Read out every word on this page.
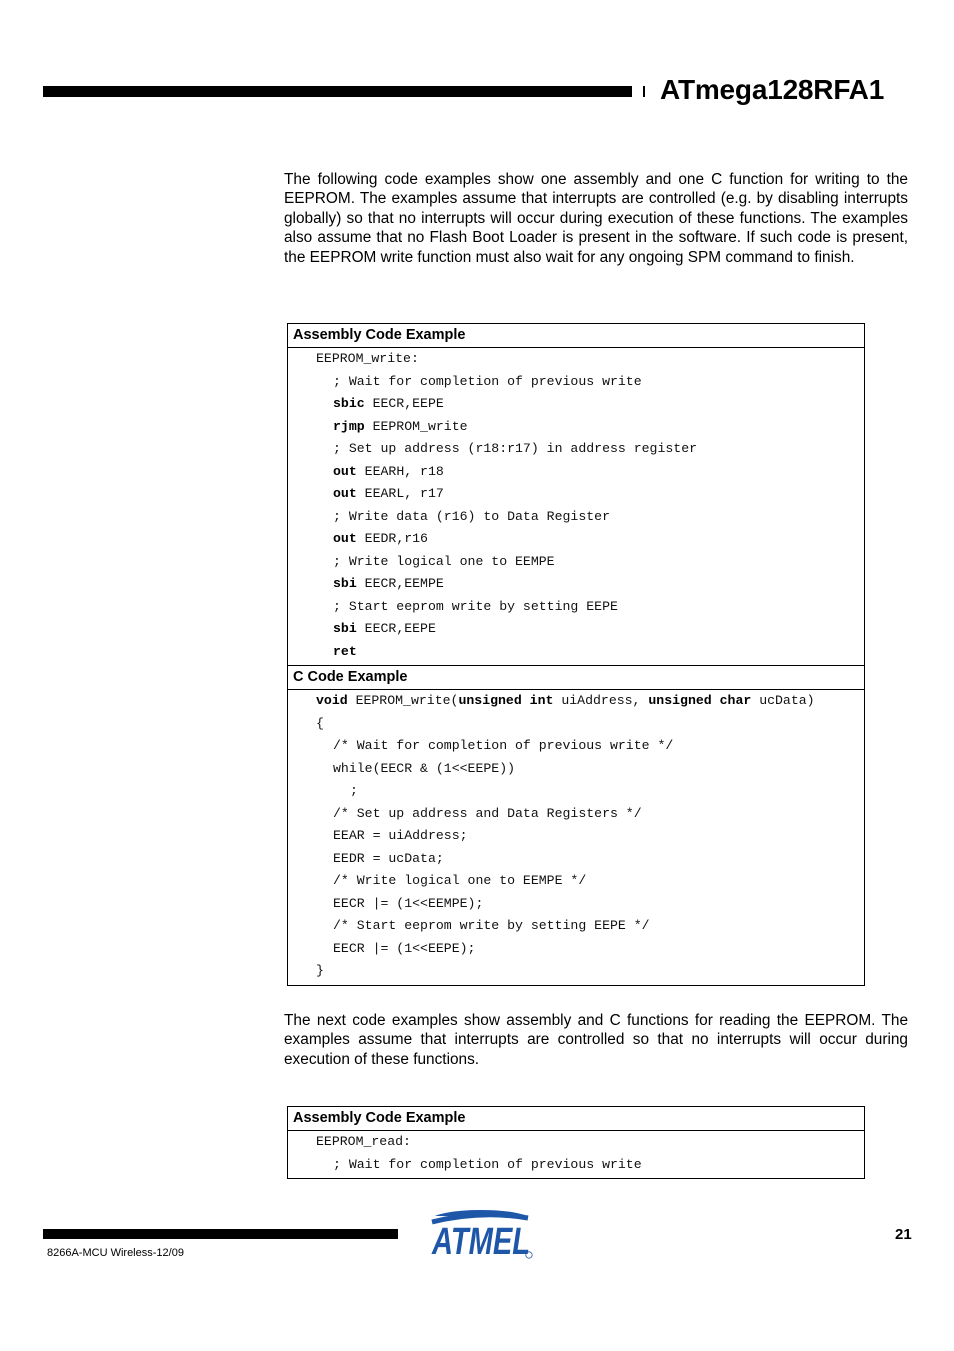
ATmega128RFA1
The following code examples show one assembly and one C function for writing to the EEPROM. The examples assume that interrupts are controlled (e.g. by disabling interrupts globally) so that no interrupts will occur during execution of these functions. The examples also assume that no Flash Boot Loader is present in the software. If such code is present, the EEPROM write function must also wait for any ongoing SPM command to finish.
Assembly Code Example
EEPROM_write:
; Wait for completion of previous write
sbic EECR,EEPE
rjmp EEPROM_write
; Set up address (r18:r17) in address register
out EEARH, r18
out EEARL, r17
; Write data (r16) to Data Register
out EEDR,r16
; Write logical one to EEMPE
sbi EECR,EEMPE
; Start eeprom write by setting EEPE
sbi EECR,EEPE
ret
C Code Example
void EEPROM_write(unsigned int uiAddress, unsigned char ucData)
{
/* Wait for completion of previous write */
while(EECR & (1<<EEPE))
;
/* Set up address and Data Registers */
EEAR = uiAddress;
EEDR = ucData;
/* Write logical one to EEMPE */
EECR |= (1<<EEMPE);
/* Start eeprom write by setting EEPE */
EECR |= (1<<EEPE);
}
The next code examples show assembly and C functions for reading the EEPROM. The examples assume that interrupts are controlled so that no interrupts will occur during execution of these functions.
Assembly Code Example
EEPROM_read:
; Wait for completion of previous write
8266A-MCU Wireless-12/09
21
ATMEL
